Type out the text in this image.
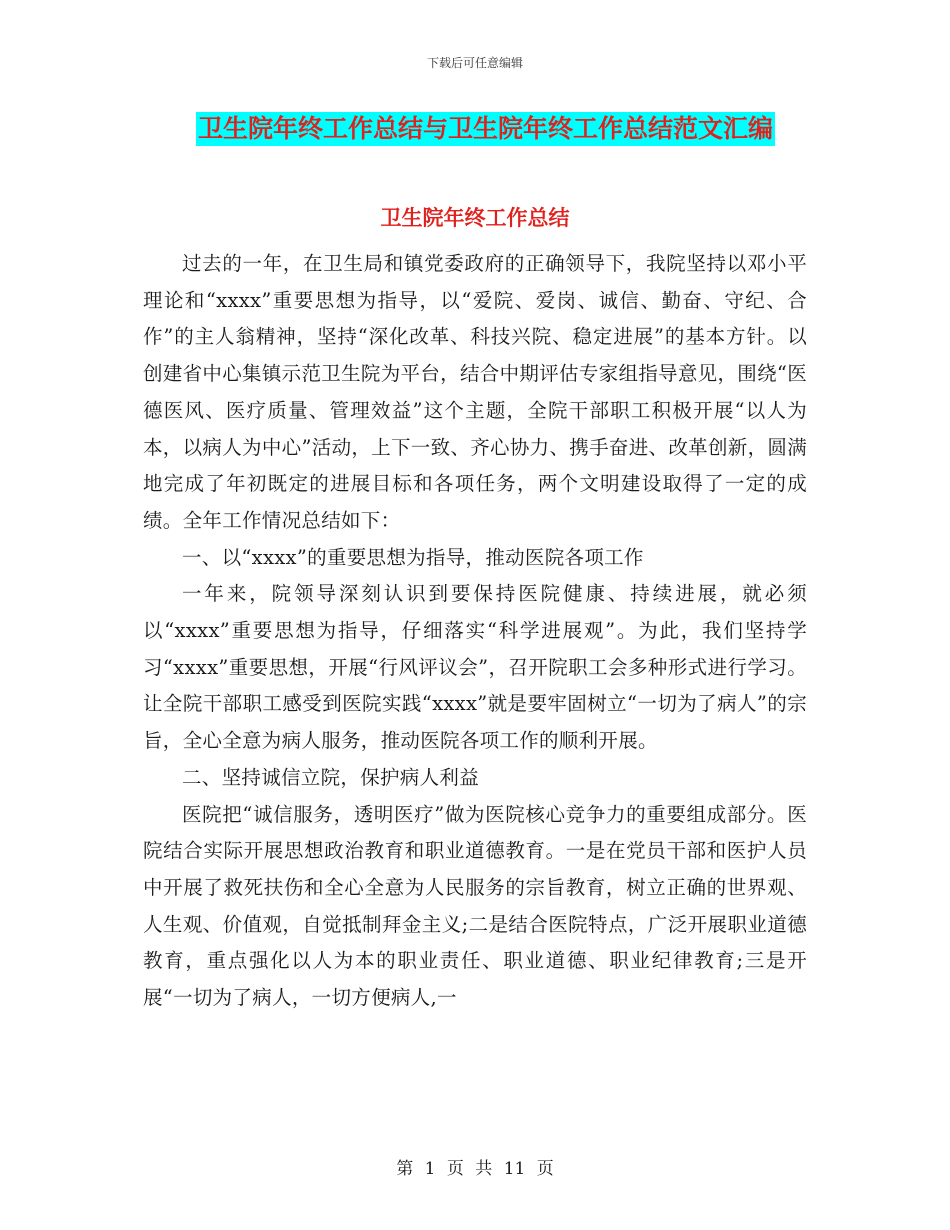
下载后可任意编辑
卫生院年终工作总结与卫生院年终工作总结范文汇编
卫生院年终工作总结

过去的一年，在卫生局和镇党委政府的正确领导下，我院坚持以邓小平理论和“xxxx”重要思想为指导，以“爱院、爱岗、诚信、勤奋、守纪、合作”的主人翁精神，坚持“深化改革、科技兴院、稳定进展”的基本方针。以创建省中心集镇示范卫生院为平台，结合中期评估专家组指导意见，围绕“医德医风、医疗质量、管理效益”这个主题，全院干部职工积极开展“以人为本，以病人为中心”活动，上下一致、齐心协力、携手奋进、改革创新，圆满地完成了年初既定的进展目标和各项任务，两个文明建设取得了一定的成绩。全年工作情况总结如下：

一、以“xxxx”的重要思想为指导，推动医院各项工作

一年来，院领导深刻认识到要保持医院健康、持续进展，就必须以“xxxx”重要思想为指导，仔细落实“科学进展观”。为此，我们坚持学习“xxxx”重要思想，开展“行风评议会”，召开院职工会多种形式进行学习。让全院干部职工感受到医院实践“xxxx”就是要牢固树立“一切为了病人”的宗旨，全心全意为病人服务，推动医院各项工作的顺利开展。

二、坚持诚信立院，保护病人利益

医院把“诚信服务，透明医疗”做为医院核心竞争力的重要组成部分。医院结合实际开展思想政治教育和职业道德教育。一是在党员干部和医护人员中开展了救死扶伤和全心全意为人民服务的宗旨教育，树立正确的世界观、人生观、价值观，自觉抵制拜金主义;二是结合医院特点，广泛开展职业道德教育，重点强化以人为本的职业责任、职业道德、职业纪律教育;三是开展“一切为了病人，一切方便病人,一

第 1 页 共 11 页
